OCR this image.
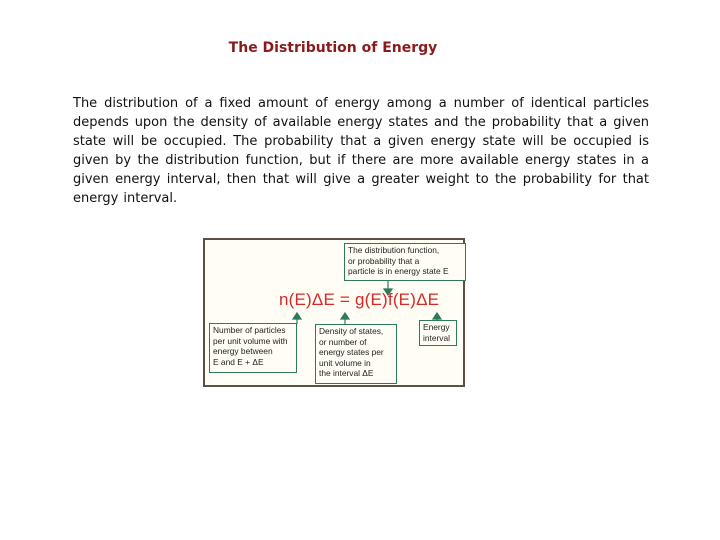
The Distribution of Energy
The distribution of a fixed amount of energy among a number of identical particles depends upon the density of available energy states and the probability that a given state will be occupied. The probability that a given energy state will be occupied is given by the distribution function, but if there are more available energy states in a given energy interval, then that will give a greater weight to the probability for that energy interval.
The distribution function,
or probability that a
particle is in energy state E
n(E)ΔE = g(E)f(E)ΔE
Number of particles
per unit volume with
energy between
E and E + ΔE
Density of states,
or number of
energy states per
unit volume in
the interval ΔE
Energy
interval
